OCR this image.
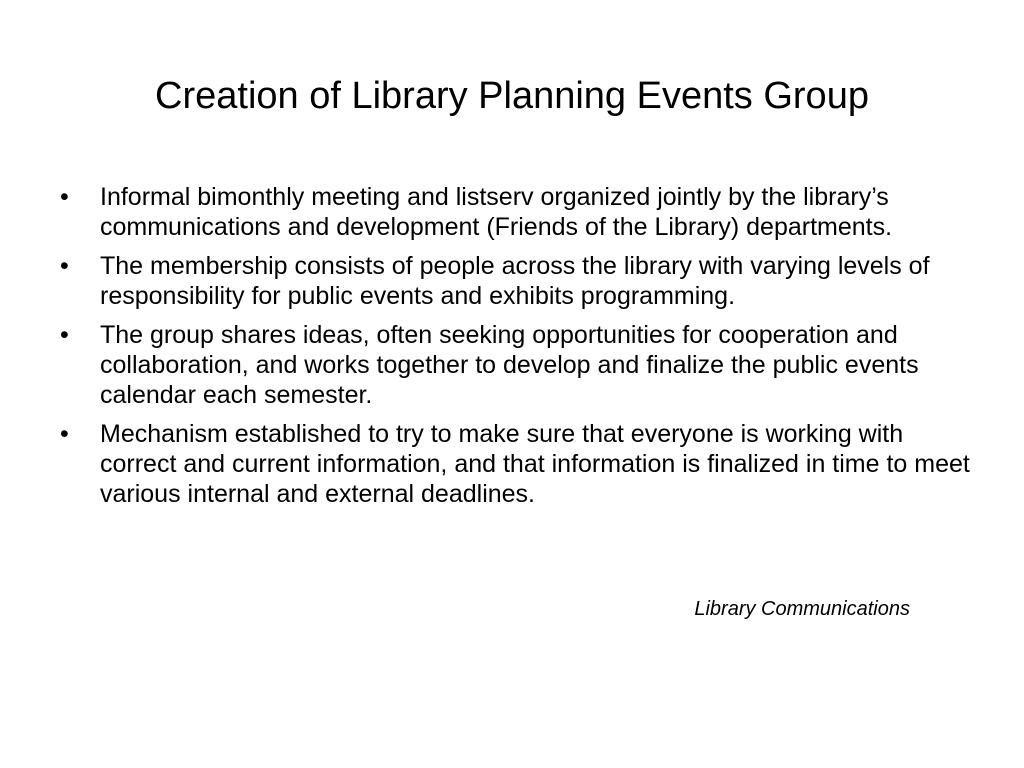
Creation of Library Planning Events Group
•	Informal bimonthly meeting and listserv organized jointly by the library’s communications and development (Friends of the Library) departments.
•	The membership consists of people across the library with varying levels of responsibility for public events and exhibits programming.
•	The group shares ideas, often seeking opportunities for cooperation and collaboration, and works together to develop and finalize the public events calendar each semester.
•	Mechanism established to try to make sure that everyone is working with correct and current information, and that information is finalized in time to meet various internal and external deadlines.
Library Communications
